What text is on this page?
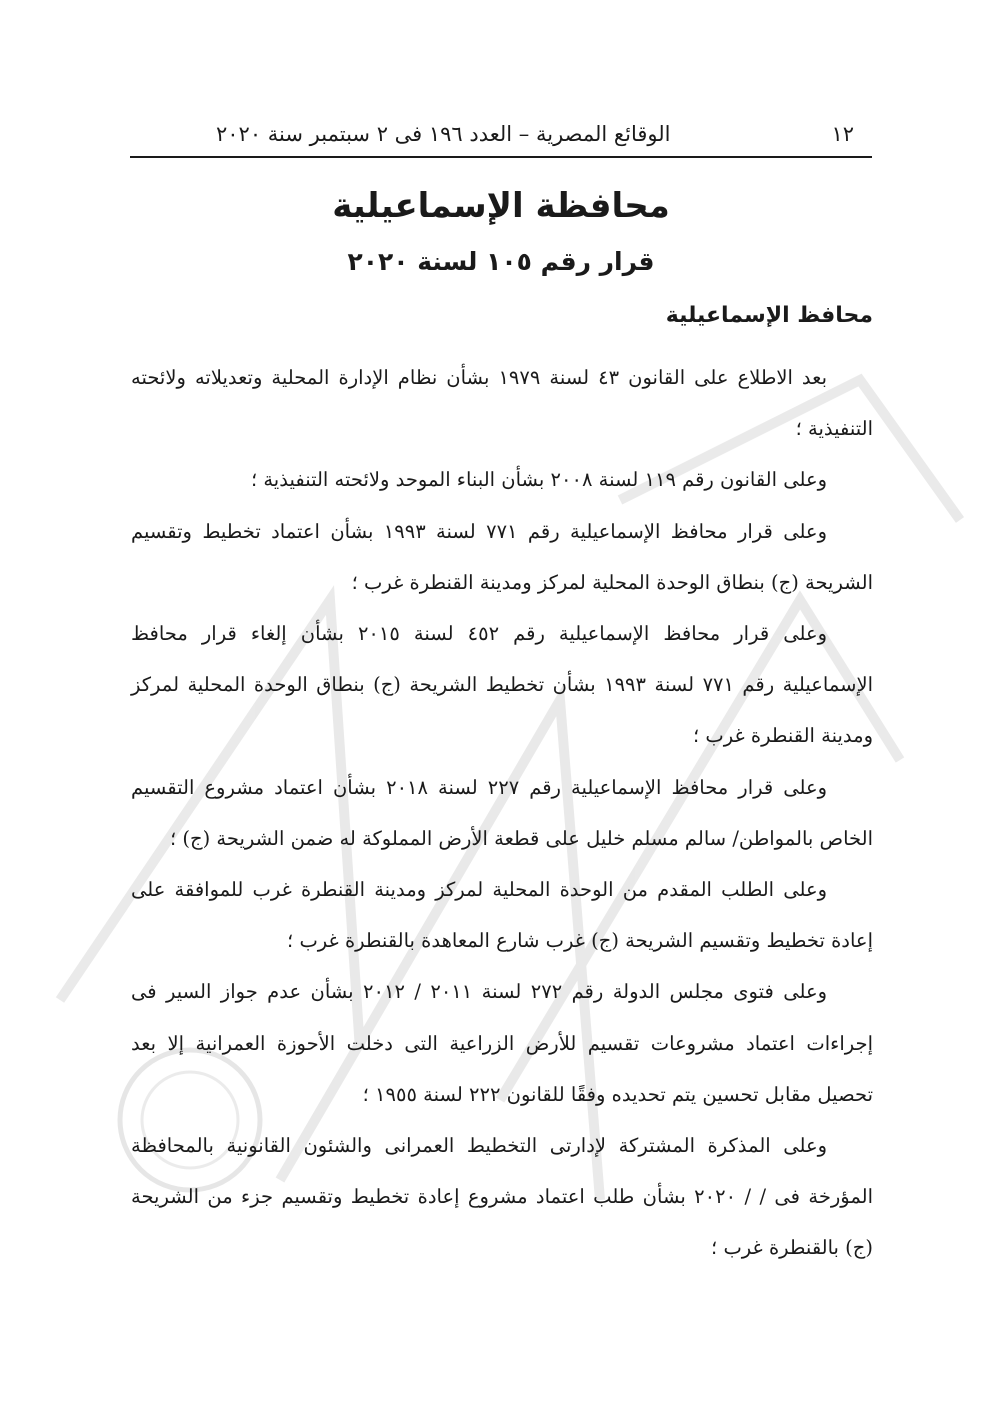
١٢
الوقائع المصرية – العدد ١٩٦ فى ٢ سبتمبر سنة ٢٠٢٠
محافظة الإسماعيلية
قرار رقم ١٠٥ لسنة ٢٠٢٠
محافظ الإسماعيلية

بعد الاطلاع على القانون ٤٣ لسنة ١٩٧٩ بشأن نظام الإدارة المحلية وتعديلاته ولائحته التنفيذية ؛

وعلى القانون رقم ١١٩ لسنة ٢٠٠٨ بشأن البناء الموحد ولائحته التنفيذية ؛

وعلى قرار محافظ الإسماعيلية رقم ٧٧١ لسنة ١٩٩٣ بشأن اعتماد تخطيط وتقسيم الشريحة (ج) بنطاق الوحدة المحلية لمركز ومدينة القنطرة غرب ؛

وعلى قرار محافظ الإسماعيلية رقم ٤٥٢ لسنة ٢٠١٥ بشأن إلغاء قرار محافظ الإسماعيلية رقم ٧٧١ لسنة ١٩٩٣ بشأن تخطيط الشريحة (ج) بنطاق الوحدة المحلية لمركز ومدينة القنطرة غرب ؛

وعلى قرار محافظ الإسماعيلية رقم ٢٢٧ لسنة ٢٠١٨ بشأن اعتماد مشروع التقسيم الخاص بالمواطن/ سالم مسلم خليل على قطعة الأرض المملوكة له ضمن الشريحة (ج) ؛

وعلى الطلب المقدم من الوحدة المحلية لمركز ومدينة القنطرة غرب للموافقة على إعادة تخطيط وتقسيم الشريحة (ج) غرب شارع المعاهدة بالقنطرة غرب ؛

وعلى فتوى مجلس الدولة رقم ٢٧٢ لسنة ٢٠١١ / ٢٠١٢ بشأن عدم جواز السير فى إجراءات اعتماد مشروعات تقسيم للأرض الزراعية التى دخلت الأحوزة العمرانية إلا بعد تحصيل مقابل تحسين يتم تحديده وفقًا للقانون ٢٢٢ لسنة ١٩٥٥ ؛

وعلى المذكرة المشتركة لإدارتى التخطيط العمرانى والشئون القانونية بالمحافظة المؤرخة فى / / ٢٠٢٠ بشأن طلب اعتماد مشروع إعادة تخطيط وتقسيم جزء من الشريحة (ج) بالقنطرة غرب ؛
